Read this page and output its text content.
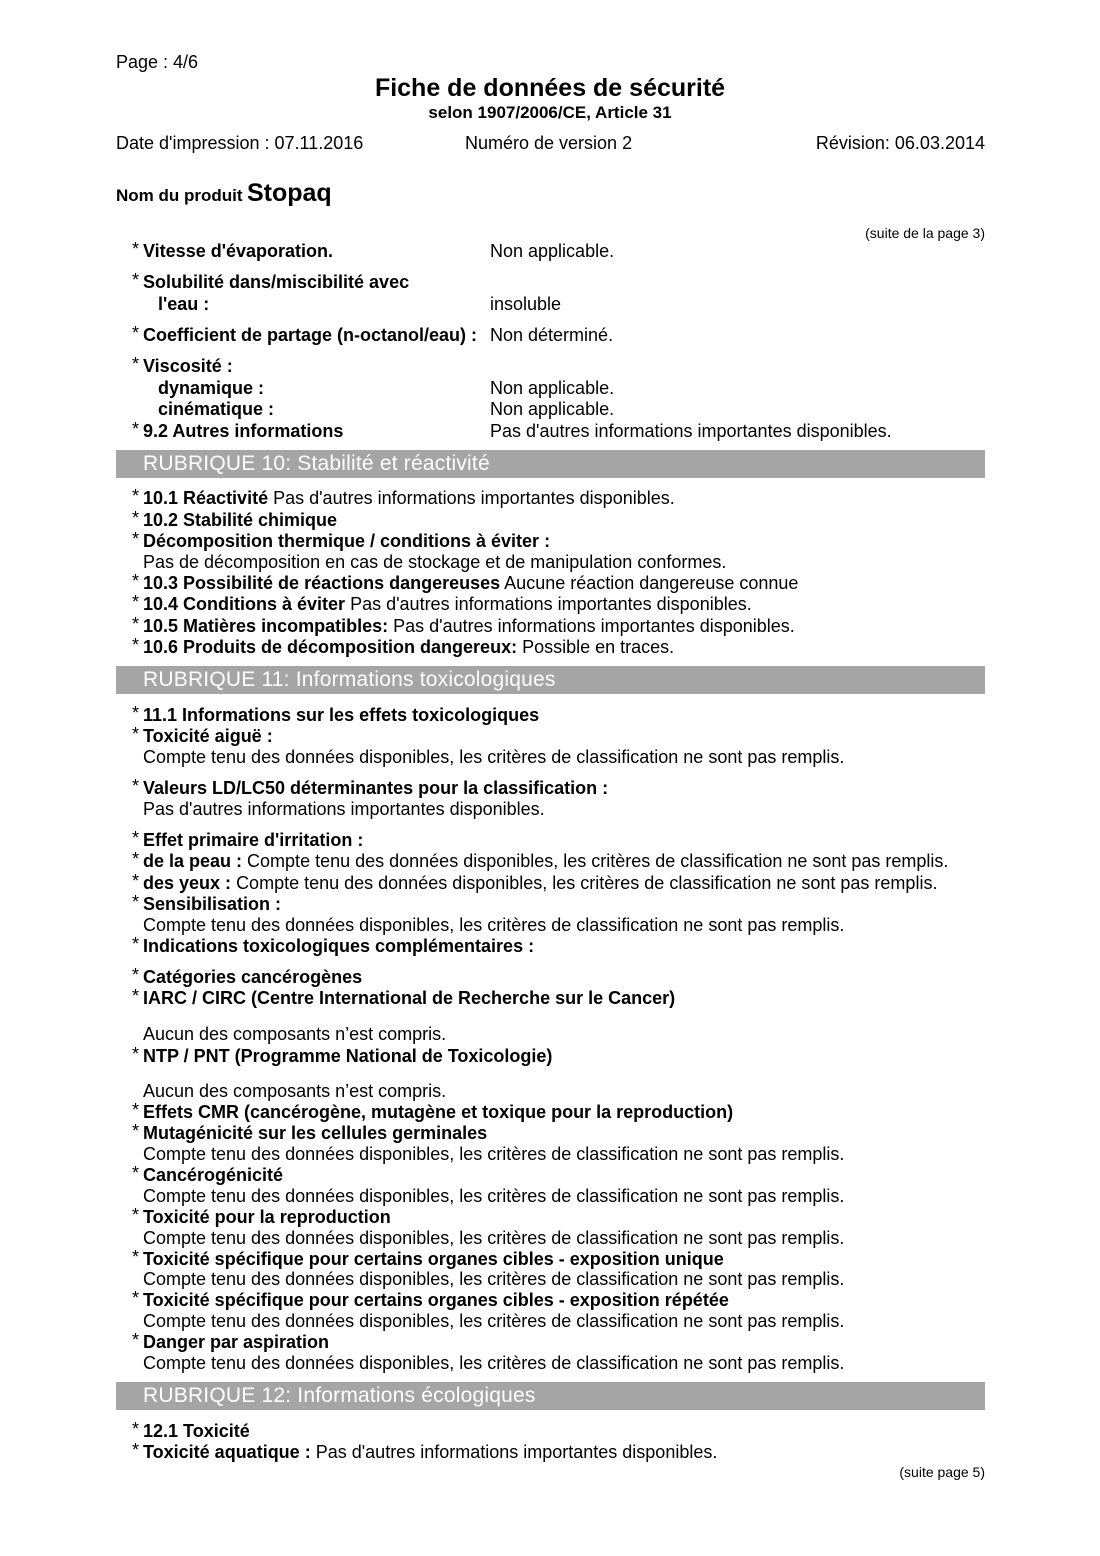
Page : 4/6
Fiche de données de sécurité
selon 1907/2006/CE, Article 31
Date d'impression : 07.11.2016	Numéro de version 2	Révision: 06.03.2014
Nom du produit Stopaq
(suite de la page 3)
* Vitesse d'évaporation.	Non applicable.
* Solubilité dans/miscibilité avec
l'eau :	insoluble
* Coefficient de partage (n-octanol/eau) : Non déterminé.
* Viscosité :
dynamique :	Non applicable.
cinématique :	Non applicable.
* 9.2 Autres informations	Pas d'autres informations importantes disponibles.
RUBRIQUE 10: Stabilité et réactivité
* 10.1 Réactivité Pas d'autres informations importantes disponibles.
* 10.2 Stabilité chimique
* Décomposition thermique / conditions à éviter :
Pas de décomposition en cas de stockage et de manipulation conformes.
* 10.3 Possibilité de réactions dangereuses Aucune réaction dangereuse connue
* 10.4 Conditions à éviter Pas d'autres informations importantes disponibles.
* 10.5 Matières incompatibles: Pas d'autres informations importantes disponibles.
* 10.6 Produits de décomposition dangereux: Possible en traces.
RUBRIQUE 11: Informations toxicologiques
* 11.1 Informations sur les effets toxicologiques
* Toxicité aiguë :
Compte tenu des données disponibles, les critères de classification ne sont pas remplis.
* Valeurs LD/LC50 déterminantes pour la classification :
Pas d'autres informations importantes disponibles.
* Effet primaire d'irritation :
* de la peau : Compte tenu des données disponibles, les critères de classification ne sont pas remplis.
* des yeux : Compte tenu des données disponibles, les critères de classification ne sont pas remplis.
* Sensibilisation :
Compte tenu des données disponibles, les critères de classification ne sont pas remplis.
* Indications toxicologiques complémentaires :
* Catégories cancérogènes
* IARC / CIRC (Centre International de Recherche sur le Cancer)
Aucun des composants n’est compris.
* NTP / PNT (Programme National de Toxicologie)
Aucun des composants n’est compris.
* Effets CMR (cancérogène, mutagène et toxique pour la reproduction)
* Mutagénicité sur les cellules germinales
Compte tenu des données disponibles, les critères de classification ne sont pas remplis.
* Cancérogénicité
Compte tenu des données disponibles, les critères de classification ne sont pas remplis.
* Toxicité pour la reproduction
Compte tenu des données disponibles, les critères de classification ne sont pas remplis.
* Toxicité spécifique pour certains organes cibles - exposition unique
Compte tenu des données disponibles, les critères de classification ne sont pas remplis.
* Toxicité spécifique pour certains organes cibles - exposition répétée
Compte tenu des données disponibles, les critères de classification ne sont pas remplis.
* Danger par aspiration
Compte tenu des données disponibles, les critères de classification ne sont pas remplis.
RUBRIQUE 12: Informations écologiques
* 12.1 Toxicité
* Toxicité aquatique : Pas d'autres informations importantes disponibles.
(suite page 5)
